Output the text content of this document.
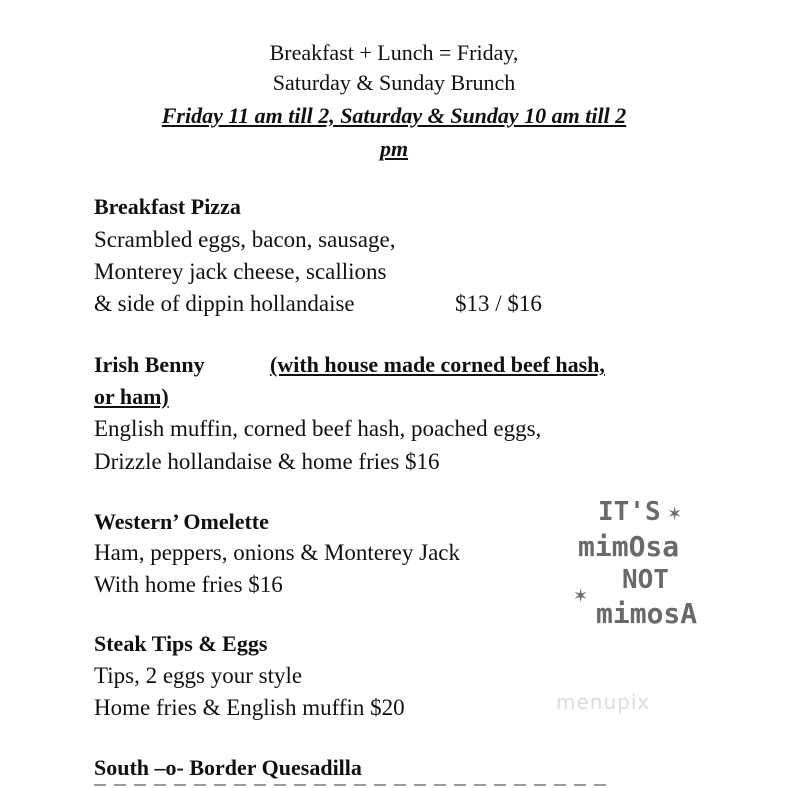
Breakfast + Lunch = Friday,
Saturday & Sunday Brunch
Friday 11 am till 2, Saturday & Sunday 10 am till 2
pm
Breakfast Pizza
Scrambled eggs, bacon, sausage,
Monterey jack cheese, scallions
& side of dippin hollandaise	$13 / $16
Irish Benny	(with house made corned beef hash,
or ham)
English muffin, corned beef hash, poached eggs,
Drizzle hollandaise & home fries $16
Western’ Omelette
Ham, peppers, onions & Monterey Jack
With home fries $16
Steak Tips & Eggs
Tips, 2 eggs your style
Home fries & English muffin $20
South –o- Border Quesadilla
IT'S ✶
mimOsa
NOT
✶
mimosA
menupix
